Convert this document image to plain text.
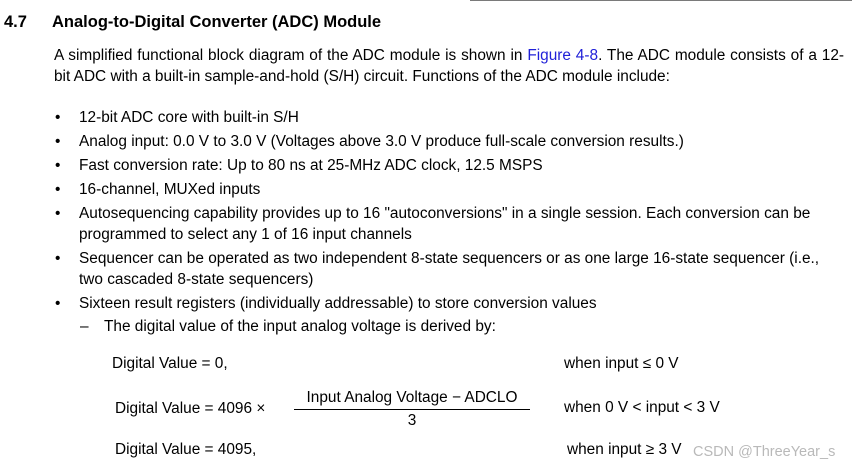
4.7 Analog-to-Digital Converter (ADC) Module

A simplified functional block diagram of the ADC module is shown in Figure 4-8. The ADC module consists of a 12-bit ADC with a built-in sample-and-hold (S/H) circuit. Functions of the ADC module include:

• 12-bit ADC core with built-in S/H
• Analog input: 0.0 V to 3.0 V (Voltages above 3.0 V produce full-scale conversion results.)
• Fast conversion rate: Up to 80 ns at 25-MHz ADC clock, 12.5 MSPS
• 16-channel, MUXed inputs
• Autosequencing capability provides up to 16 "autoconversions" in a single session. Each conversion can be programmed to select any 1 of 16 input channels
• Sequencer can be operated as two independent 8-state sequencers or as one large 16-state sequencer (i.e., two cascaded 8-state sequencers)
• Sixteen result registers (individually addressable) to store conversion values
– The digital value of the input analog voltage is derived by:
Digital Value = 0,	when input ≤ 0 V
Digital Value = 4096 ×
Input Analog Voltage − ADCLO
3
when 0 V < input < 3 V
Digital Value = 4095,	when input ≥ 3 V CSDN @ThreeYear_s
